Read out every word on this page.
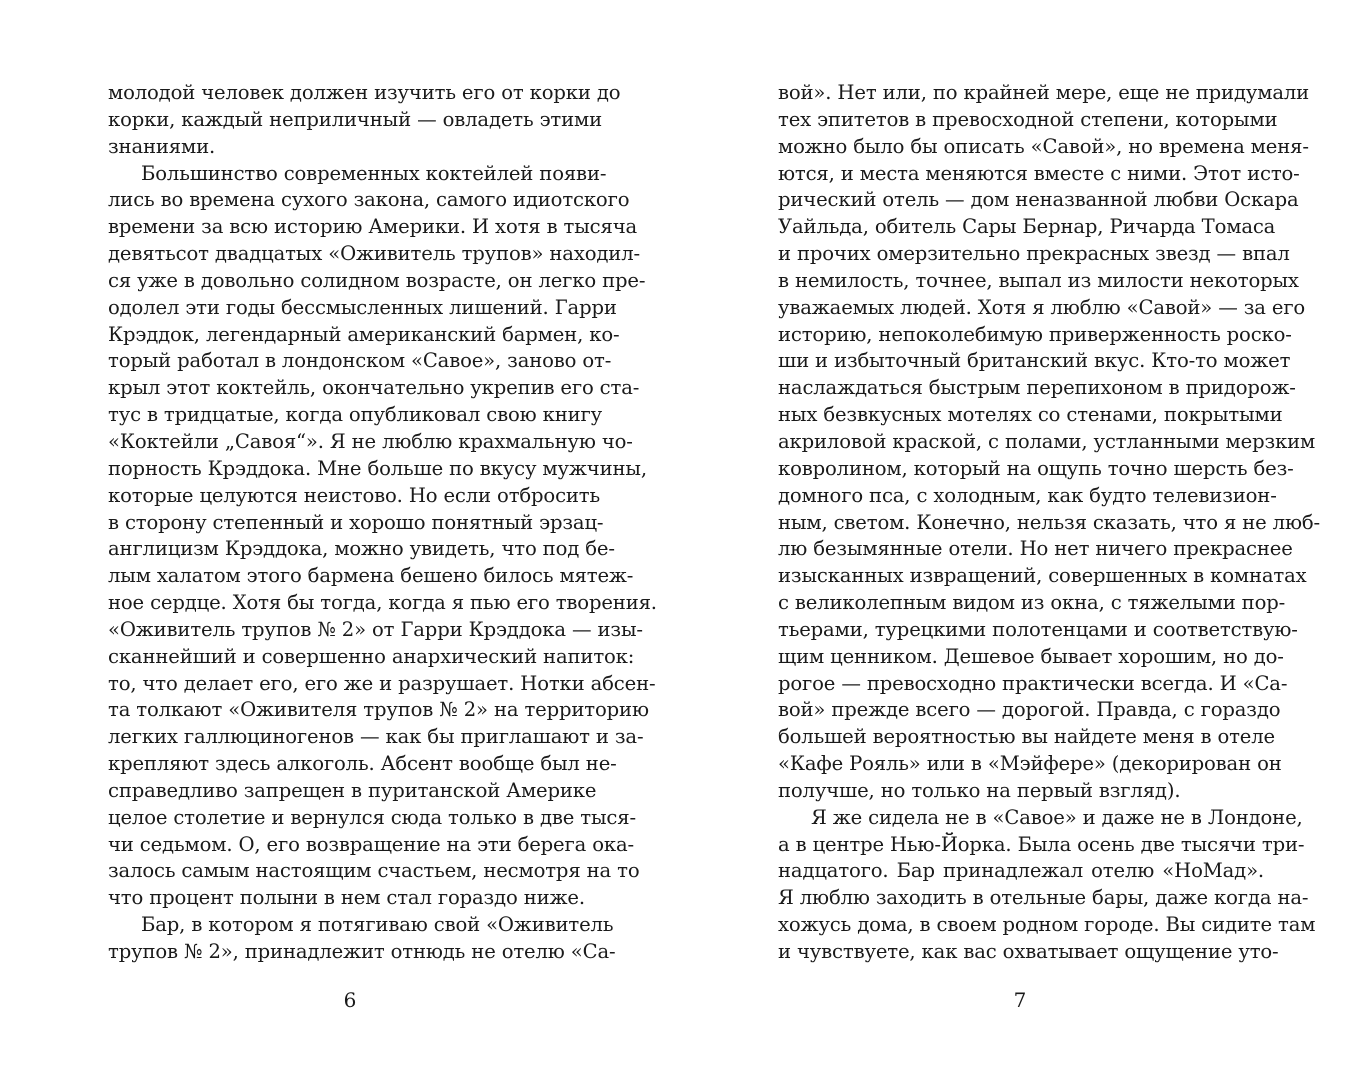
молодой человек должен изучить его от корки до
корки, каждый неприличный — овладеть этими
знаниями.
Большинство современных коктейлей появи-
лись во времена сухого закона, самого идиотского
времени за всю историю Америки. И хотя в тысяча
девятьсот двадцатых «Оживитель трупов» находил-
ся уже в довольно солидном возрасте, он легко пре-
одолел эти годы бессмысленных лишений. Гарри
Крэддок, легендарный американский бармен, ко-
торый работал в лондонском «Савое», заново от-
крыл этот коктейль, окончательно укрепив его ста-
тус в тридцатые, когда опубликовал свою книгу
«Коктейли „Савоя“». Я не люблю крахмальную чо-
порность Крэддока. Мне больше по вкусу мужчины,
которые целуются неистово. Но если отбросить
в сторону степенный и хорошо понятный эрзац-
англицизм Крэддока, можно увидеть, что под бе-
лым халатом этого бармена бешено билось мятеж-
ное сердце. Хотя бы тогда, когда я пью его творения.
«Оживитель трупов № 2» от Гарри Крэддока — изы-
сканнейший и совершенно анархический напиток:
то, что делает его, его же и разрушает. Нотки абсен-
та толкают «Оживителя трупов № 2» на территорию
легких галлюциногенов — как бы приглашают и за-
крепляют здесь алкоголь. Абсент вообще был не-
справедливо запрещен в пуританской Америке
целое столетие и вернулся сюда только в две тыся-
чи седьмом. О, его возвращение на эти берега ока-
залось самым настоящим счастьем, несмотря на то
что процент полыни в нем стал гораздо ниже.
Бар, в котором я потягиваю свой «Оживитель
трупов № 2», принадлежит отнюдь не отелю «Са-
6
вой». Нет или, по крайней мере, еще не придумали
тех эпитетов в превосходной степени, которыми
можно было бы описать «Савой», но времена меня-
ются, и места меняются вместе с ними. Этот исто-
рический отель — дом неназванной любви Оскара
Уайльда, обитель Сары Бернар, Ричарда Томаса
и прочих омерзительно прекрасных звезд — впал
в немилость, точнее, выпал из милости некоторых
уважаемых людей. Хотя я люблю «Савой» — за его
историю, непоколебимую приверженность роско-
ши и избыточный британский вкус. Кто-то может
наслаждаться быстрым перепихоном в придорож-
ных безвкусных мотелях со стенами, покрытыми
акриловой краской, с полами, устланными мерзким
ковролином, который на ощупь точно шерсть без-
домного пса, с холодным, как будто телевизион-
ным, светом. Конечно, нельзя сказать, что я не люб-
лю безымянные отели. Но нет ничего прекраснее
изысканных извращений, совершенных в комнатах
с великолепным видом из окна, с тяжелыми пор-
тьерами, турецкими полотенцами и соответствую-
щим ценником. Дешевое бывает хорошим, но до-
рогое — превосходно практически всегда. И «Са-
вой» прежде всего — дорогой. Правда, с гораздо
большей вероятностью вы найдете меня в отеле
«Кафе Рояль» или в «Мэйфере» (декорирован он
получше, но только на первый взгляд).
Я же сидела не в «Савое» и даже не в Лондоне,
а в центре Нью-Йорка. Была осень две тысячи три-
надцатого. Бар принадлежал отелю «НоМад».
Я люблю заходить в отельные бары, даже когда на-
хожусь дома, в своем родном городе. Вы сидите там
и чувствуете, как вас охватывает ощущение уто-
7
